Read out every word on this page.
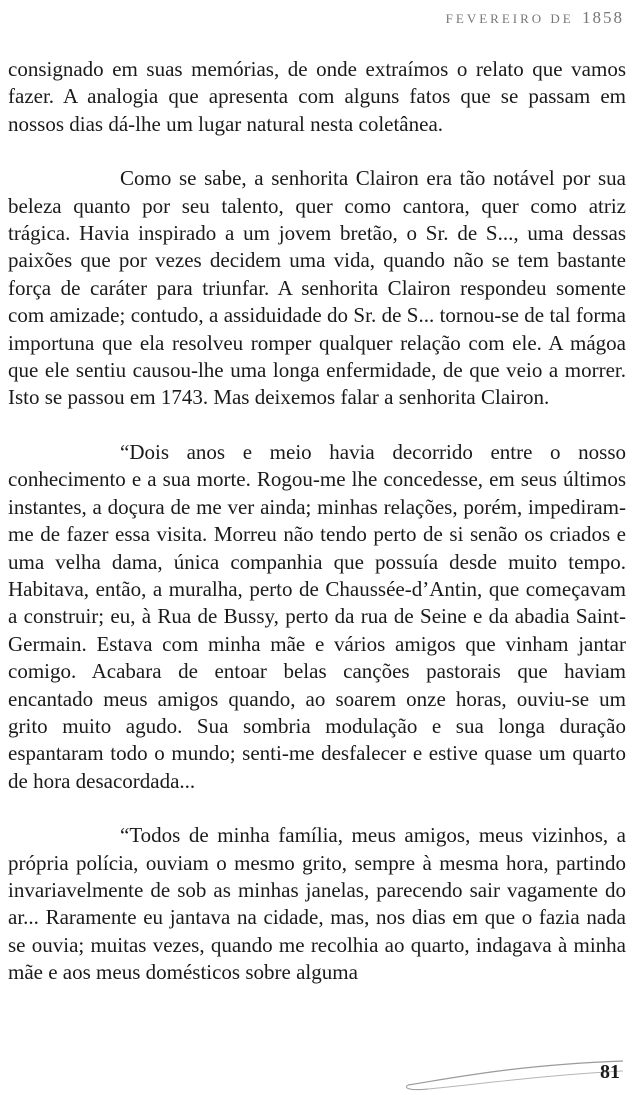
FEVEREIRO DE 1858

consignado em suas memórias, de onde extraímos o relato que vamos fazer. A analogia que apresenta com alguns fatos que se passam em nossos dias dá-lhe um lugar natural nesta coletânea.

Como se sabe, a senhorita Clairon era tão notável por sua beleza quanto por seu talento, quer como cantora, quer como atriz trágica. Havia inspirado a um jovem bretão, o Sr. de S..., uma dessas paixões que por vezes decidem uma vida, quando não se tem bastante força de caráter para triunfar. A senhorita Clairon respondeu somente com amizade; contudo, a assiduidade do Sr. de S... tornou-se de tal forma importuna que ela resolveu romper qualquer relação com ele. A mágoa que ele sentiu causou-lhe uma longa enfermidade, de que veio a morrer. Isto se passou em 1743. Mas deixemos falar a senhorita Clairon.

“Dois anos e meio havia decorrido entre o nosso conhecimento e a sua morte. Rogou-me lhe concedesse, em seus últimos instantes, a doçura de me ver ainda; minhas relações, porém, impediram-me de fazer essa visita. Morreu não tendo perto de si senão os criados e uma velha dama, única companhia que possuía desde muito tempo. Habitava, então, a muralha, perto de Chaussée-d’Antin, que começavam a construir; eu, à Rua de Bussy, perto da rua de Seine e da abadia Saint-Germain. Estava com minha mãe e vários amigos que vinham jantar comigo. Acabara de entoar belas canções pastorais que haviam encantado meus amigos quando, ao soarem onze horas, ouviu-se um grito muito agudo. Sua sombria modulação e sua longa duração espantaram todo o mundo; senti-me desfalecer e estive quase um quarto de hora desacordada...

“Todos de minha família, meus amigos, meus vizinhos, a própria polícia, ouviam o mesmo grito, sempre à mesma hora, partindo invariavelmente de sob as minhas janelas, parecendo sair vagamente do ar... Raramente eu jantava na cidade, mas, nos dias em que o fazia nada se ouvia; muitas vezes, quando me recolhia ao quarto, indagava à minha mãe e aos meus domésticos sobre alguma

81
